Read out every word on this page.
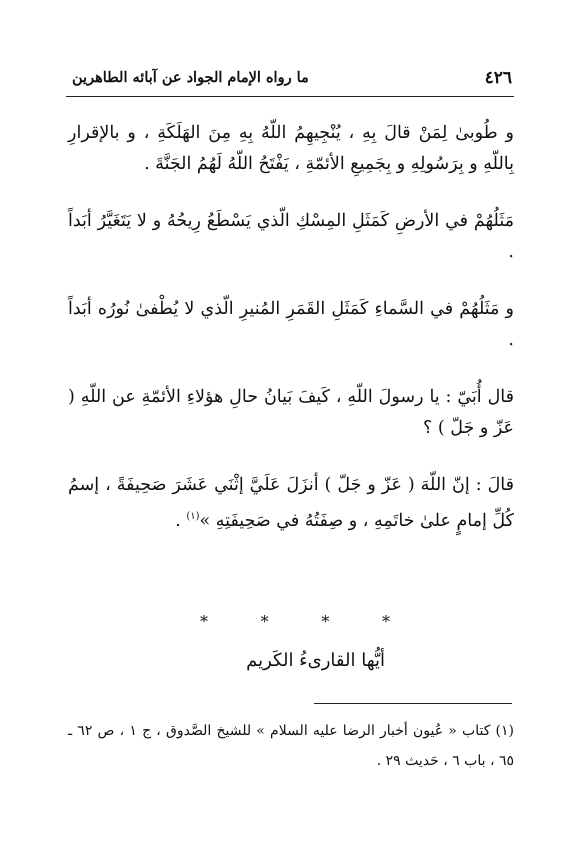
٤٢٦
ما رواه الإمام الجواد عن آبائه الطاهرين

و طُوبىٰ لِمَنْ قالَ بِهِ ، يُنْجِيهِمُ اللّهُ بِهِ مِنَ الهَلَكَةِ ، و بالإقرارِ بِاللّهِ و بِرَسُولِهِ و بِجَمِيعِ الأئمّةِ ، يَفْتَحُ اللّهُ لَهُمُ الجَنَّةَ .

مَثَلُهُمْ في الأرضِ كَمَثَلِ المِسْكِ الّذي يَسْطَعُ رِيحُهُ و لا يَتَغَيَّرُ أبَداً .

و مَثَلُهُمْ في السَّماءِ كَمَثَلِ القَمَرِ المُنيرِ الّذي لا يُطْفىٰ نُورُه أبَداً .

قال أُبَيّ : يا رسولَ اللّهِ ، كَيفَ بَيانُ حالِ هؤلاءِ الأئمّةِ عن اللّهِ ( عَزّ و جَلّ ) ؟

قالَ : إنّ اللّهَ ( عَزّ و جَلّ ) أنزَلَ عَلَيَّ إثْنَي عَشَرَ صَحِيفَةً ، إسمُ كُلِّ إمامٍ علىٰ خاتَمِهِ ، و صِفَتُهُ في صَحِيفَتِهِ »$^{(١)}$ .

*	*	*	*
أيُّها القارىءُ الكَريم
(١) كتاب « عُيون أخبار الرضا عليه السلام » للشيخ الصَّدوق ، ج ١ ، ص ٦٢ ـ ٦٥ ، باب ٦ ، حَديث ٢٩ .
